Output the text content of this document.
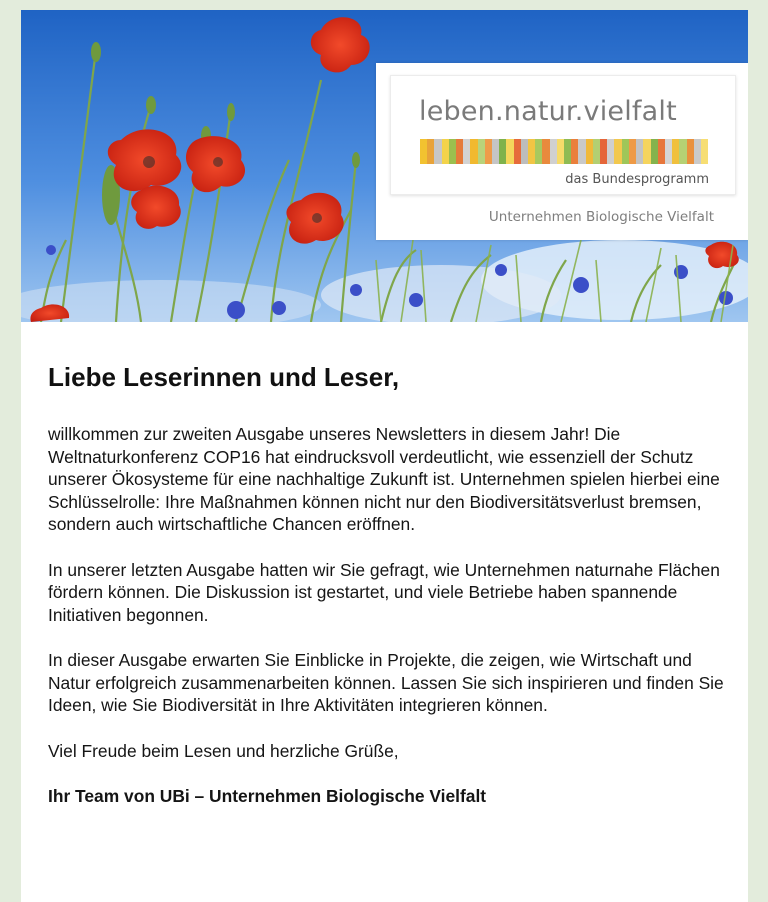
leben.natur.vielfalt
das Bundesprogramm
Unternehmen Biologische Vielfalt
Liebe Leserinnen und Leser,

willkommen zur zweiten Ausgabe unseres Newsletters in diesem Jahr! Die Weltnaturkonferenz COP16 hat eindrucksvoll verdeutlicht, wie essenziell der Schutz unserer Ökosysteme für eine nachhaltige Zukunft ist. Unternehmen spielen hierbei eine Schlüsselrolle: Ihre Maßnahmen können nicht nur den Biodiversitätsverlust bremsen, sondern auch wirtschaftliche Chancen eröffnen.

In unserer letzten Ausgabe hatten wir Sie gefragt, wie Unternehmen naturnahe Flächen fördern können. Die Diskussion ist gestartet, und viele Betriebe haben spannende Initiativen begonnen.

In dieser Ausgabe erwarten Sie Einblicke in Projekte, die zeigen, wie Wirtschaft und Natur erfolgreich zusammenarbeiten können. Lassen Sie sich inspirieren und finden Sie Ideen, wie Sie Biodiversität in Ihre Aktivitäten integrieren können.

Viel Freude beim Lesen und herzliche Grüße,

Ihr Team von UBi – Unternehmen Biologische Vielfalt
